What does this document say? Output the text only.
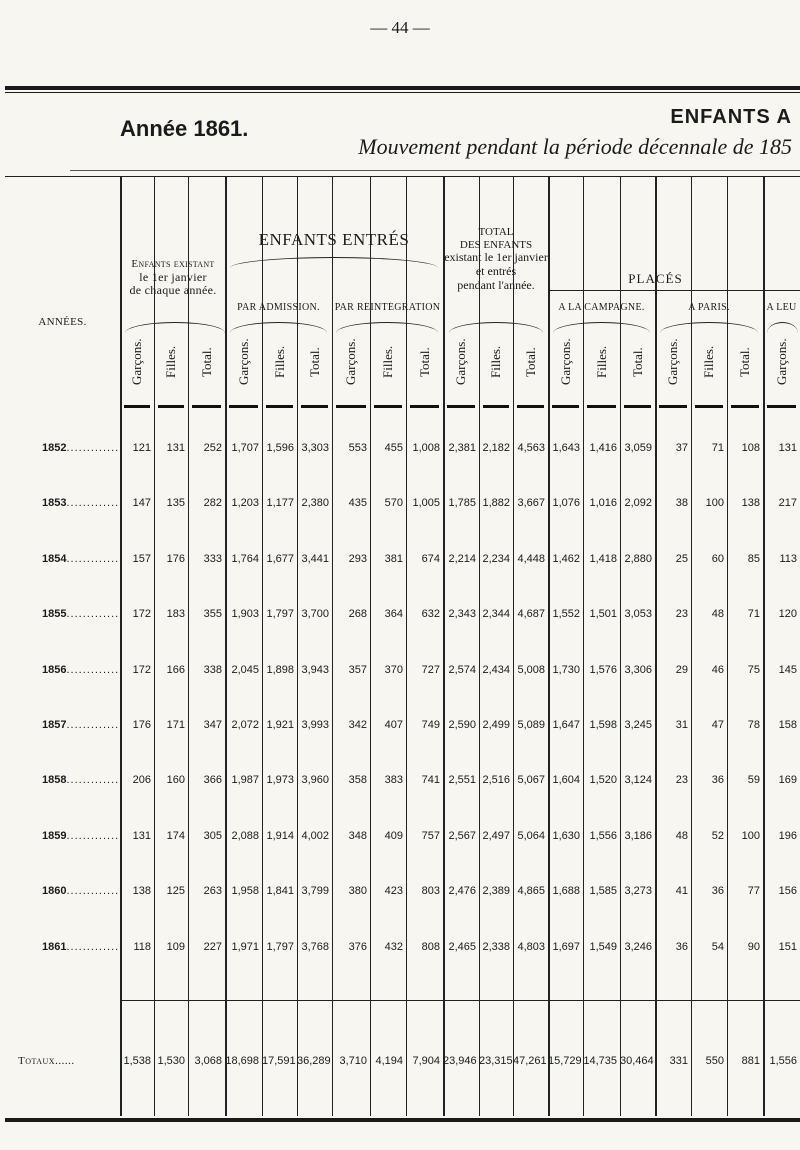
— 44 —
Année 1861.	ENFANTS A
Mouvement pendant la période décennale de 185
Enfants existant
le 1er janvier
de chaque année.
ENFANTS ENTRÉS
PAR ADMISSION.	PAR RÉINTÉGRATION
TOTAL
DES ENFANTS
existant le 1er janvier
et entrés
pendant l'année.	PLACÉS
A LA CAMPAGNE.	A PARIS.	A LEU
ANNÉES.
Garçons. Filles. Total. Garçons. Filles. Total. Garçons. Filles. Total. Garçons. Filles. Total. Garçons. Filles. Total. Garçons. Filles. Total. Garçons.
1852.............	121	131	252 1,707 1,596 3,303	553	455 1,008 2,381 2,182 4,563 1,643 1,416 3,059	37	71	108	131
1853.............	147	135	282 1,203 1,177 2,380	435	570 1,005 1,785 1,882 3,667 1,076 1,016 2,092	38	100	138	217
1854.............	157	176	333 1,764 1,677 3,441	293	381	674 2,214 2,234 4,448 1,462 1,418 2,880	25	60	85	113
1855.............	172	183	355 1,903 1,797 3,700	268	364	632 2,343 2,344 4,687 1,552 1,501 3,053	23	48	71	120
1856.............	172	166	338 2,045 1,898 3,943	357	370	727 2,574 2,434 5,008 1,730 1,576 3,306	29	46	75	145
1857.............	176	171	347 2,072 1,921 3,993	342	407	749 2,590 2,499 5,089 1,647 1,598 3,245	31	47	78	158
1858.............	206	160	366 1,987 1,973 3,960	358	383	741 2,551 2,516 5,067 1,604 1,520 3,124	23	36	59	169
1859.............	131	174	305 2,088 1,914 4,002	348	409	757 2,567 2,497 5,064 1,630 1,556 3,186	48	52	100	196
1860.............	138	125	263 1,958 1,841 3,799	380	423	803 2,476 2,389 4,865 1,688 1,585 3,273	41	36	77	156
1861.............	118	109	227 1,971 1,797 3,768	376	432	808 2,465 2,338 4,803 1,697 1,549 3,246	36	54	90	151
Totaux......	1,538 1,530 3,068 18,698 17,591 36,289 3,710 4,194 7,904 23,946 23,315 47,261 15,729 14,735 30,464	331	550	881 1,556
